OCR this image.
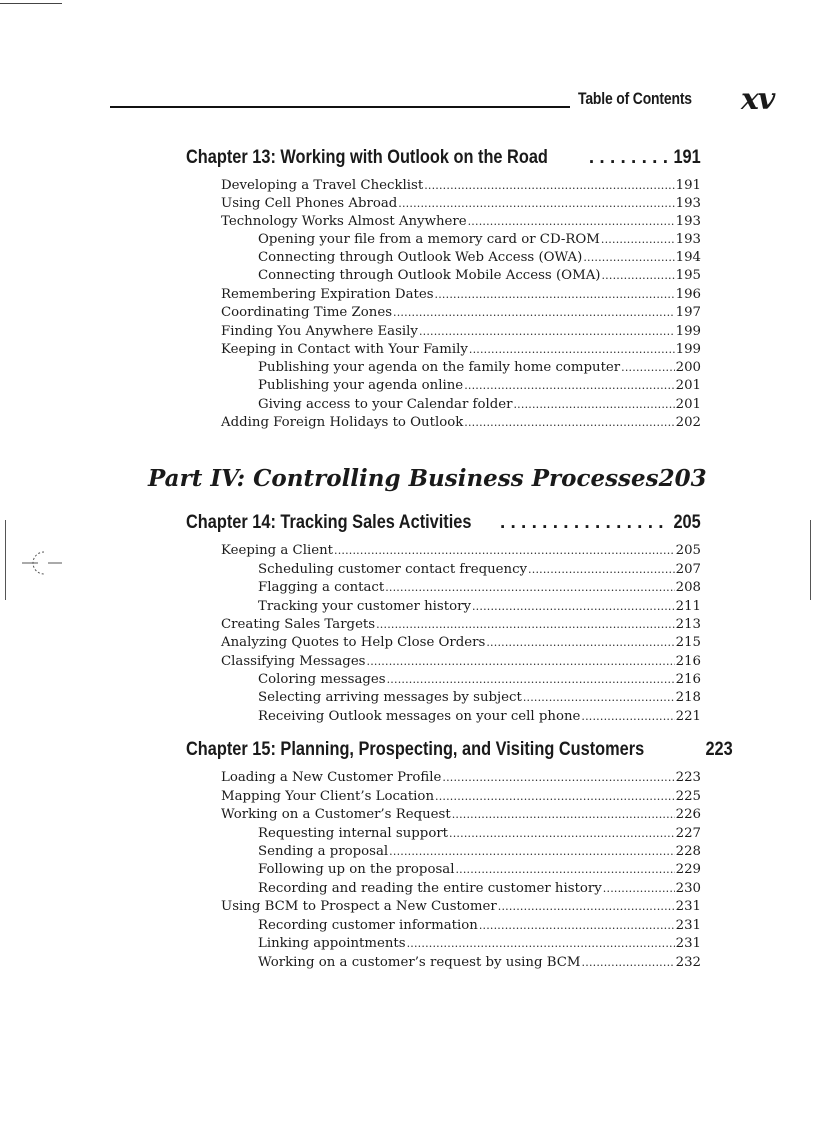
Table of Contents xv
Chapter 13: Working with Outlook on the Road . . .	191
Developing a Travel Checklist .....	191
Using Cell Phones Abroad .....	193
Technology Works Almost Anywhere .....	193
Opening your file from a memory card or CD-ROM .....	193
Connecting through Outlook Web Access (OWA) .....	194
Connecting through Outlook Mobile Access (OMA) .....	195
Remembering Expiration Dates .....	196
Coordinating Time Zones .....	197
Finding You Anywhere Easily .....	199
Keeping in Contact with Your Family .....	199
Publishing your agenda on the family home computer .....	200
Publishing your agenda online .....	201
Giving access to your Calendar folder .....	201
Adding Foreign Holidays to Outlook .....	202
Part IV: Controlling Business Processes 203
Chapter 14: Tracking Sales Activities . . .	205
Keeping a Client .....	205
Scheduling customer contact frequency .....	207
Flagging a contact .....	208
Tracking your customer history .....	211
Creating Sales Targets .....	213
Analyzing Quotes to Help Close Orders .....	215
Classifying Messages .....	216
Coloring messages .....	216
Selecting arriving messages by subject .....	218
Receiving Outlook messages on your cell phone .....	221
Chapter 15: Planning, Prospecting, and Visiting Customers	223
Loading a New Customer Profile .....	223
Mapping Your Client’s Location .....	225
Working on a Customer’s Request .....	226
Requesting internal support .....	227
Sending a proposal .....	228
Following up on the proposal .....	229
Recording and reading the entire customer history .....	230
Using BCM to Prospect a New Customer .....	231
Recording customer information .....	231
Linking appointments .....	231
Working on a customer’s request by using BCM .....	232
